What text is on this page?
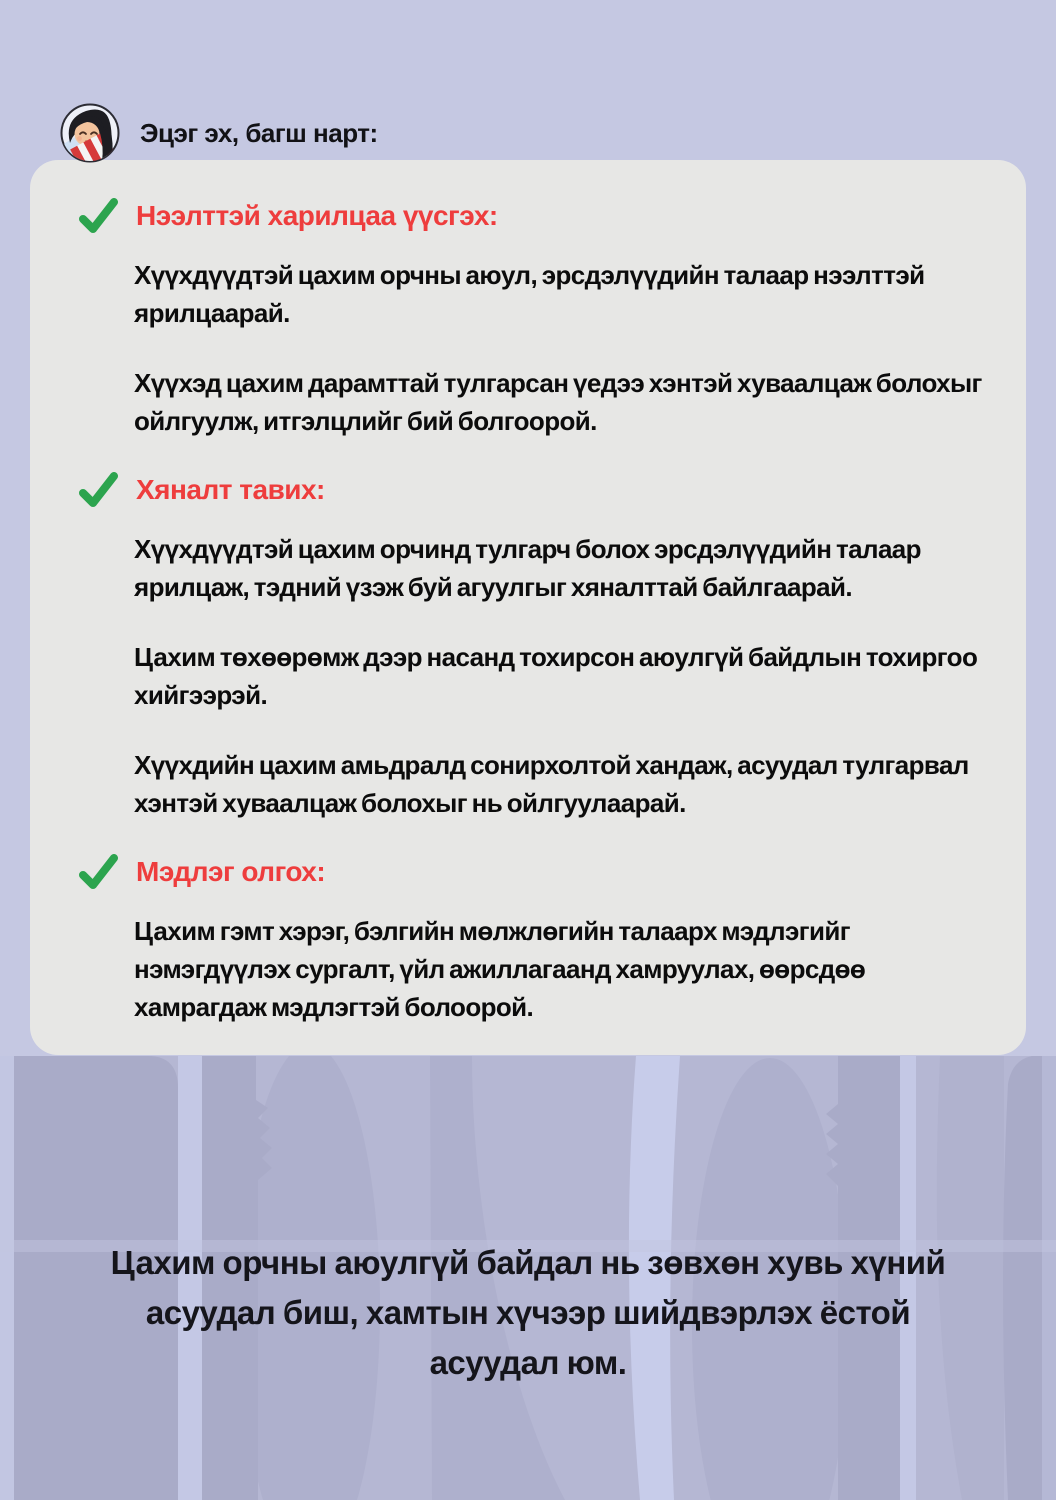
Эцэг эх, багш нарт:
Нээлттэй харилцаа үүсгэх:

Хүүхдүүдтэй цахим орчны аюул, эрсдэлүүдийн талаар нээлттэй ярилцаарай.

Хүүхэд цахим дарамттай тулгарсан үедээ хэнтэй хуваалцаж болохыг ойлгуулж, итгэлцлийг бий болгоорой.

Хяналт тавих:

Хүүхдүүдтэй цахим орчинд тулгарч болох эрсдэлүүдийн талаар ярилцаж, тэдний үзэж буй агуулгыг хяналттай байлгаарай.

Цахим төхөөрөмж дээр насанд тохирсон аюулгүй байдлын тохиргоо хийгээрэй.

Хүүхдийн цахим амьдралд сонирхолтой хандаж, асуудал тулгарвал хэнтэй хуваалцаж болохыг нь ойлгуулаарай.

Мэдлэг олгох:

Цахим гэмт хэрэг, бэлгийн мөлжлөгийн талаарх мэдлэгийг нэмэгдүүлэх сургалт, үйл ажиллагаанд хамруулах, өөрсдөө хамрагдаж мэдлэгтэй болоорой.

Цахим орчны аюулгүй байдал нь зөвхөн хувь хүний асуудал биш, хамтын хүчээр шийдвэрлэх ёстой асуудал юм.
